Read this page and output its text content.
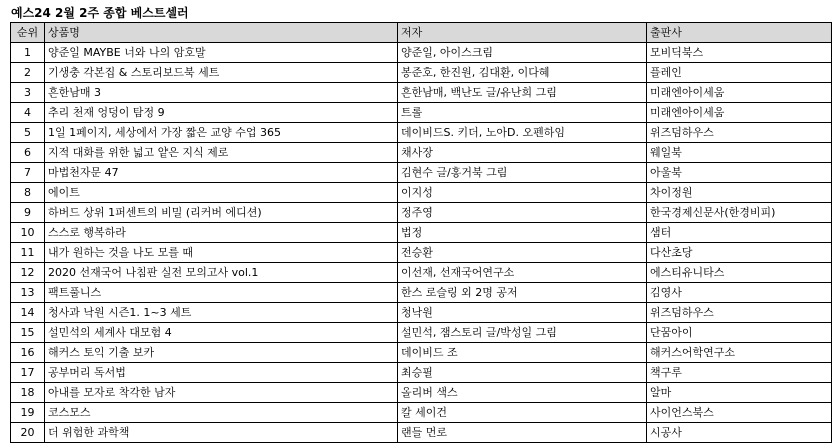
예스24 2월 2주 종합 베스트셀러
순위	상품명	저자	출판사
1	양준일 MAYBE 너와 나의 암호말	양준일, 아이스크림	모비딕북스
2	기생충 각본집 & 스토리보드북 세트	봉준호, 한진원, 김대환, 이다혜	플레인
3	흔한남매 3	흔한남매, 백난도 글/유난희 그림	미래엔아이세움
4	추리 천재 엉덩이 탐정 9	트롤	미래엔아이세움
5	1일 1페이지, 세상에서 가장 짧은 교양 수업 365	데이비드S. 키더, 노아D. 오펜하임	위즈덤하우스
6	지적 대화를 위한 넓고 얕은 지식 제로	채사장	웨일북
7	마법천자문 47	김현수 글/홍거북 그림	아울북
8	에이트	이지성	차이정원
9	하버드 상위 1퍼센트의 비밀 (리커버 에디션)	정주영	한국경제신문사(한경비피)
10	스스로 행복하라	법정	샘터
11	내가 원하는 것을 나도 모를 때	전승환	다산초당
12	2020 선재국어 나침판 실전 모의고사 vol.1	이선재, 선재국어연구소	에스티유니타스
13	팩트풀니스	한스 로슬링 외 2명 공저	김영사
14	청사과 낙원 시즌1. 1~3 세트	청낙원	위즈덤하우스
15	설민석의 세계사 대모험 4	설민석, 잼스토리 글/박성일 그림	단꿈아이
16	해커스 토익 기출 보카	데이비드 조	해커스어학연구소
17	공부머리 독서법	최승필	책구루
18	아내를 모자로 착각한 남자	올리버 색스	알마
19	코스모스	칼 세이건	사이언스북스
20	더 위험한 과학책	랜들 먼로	시공사
